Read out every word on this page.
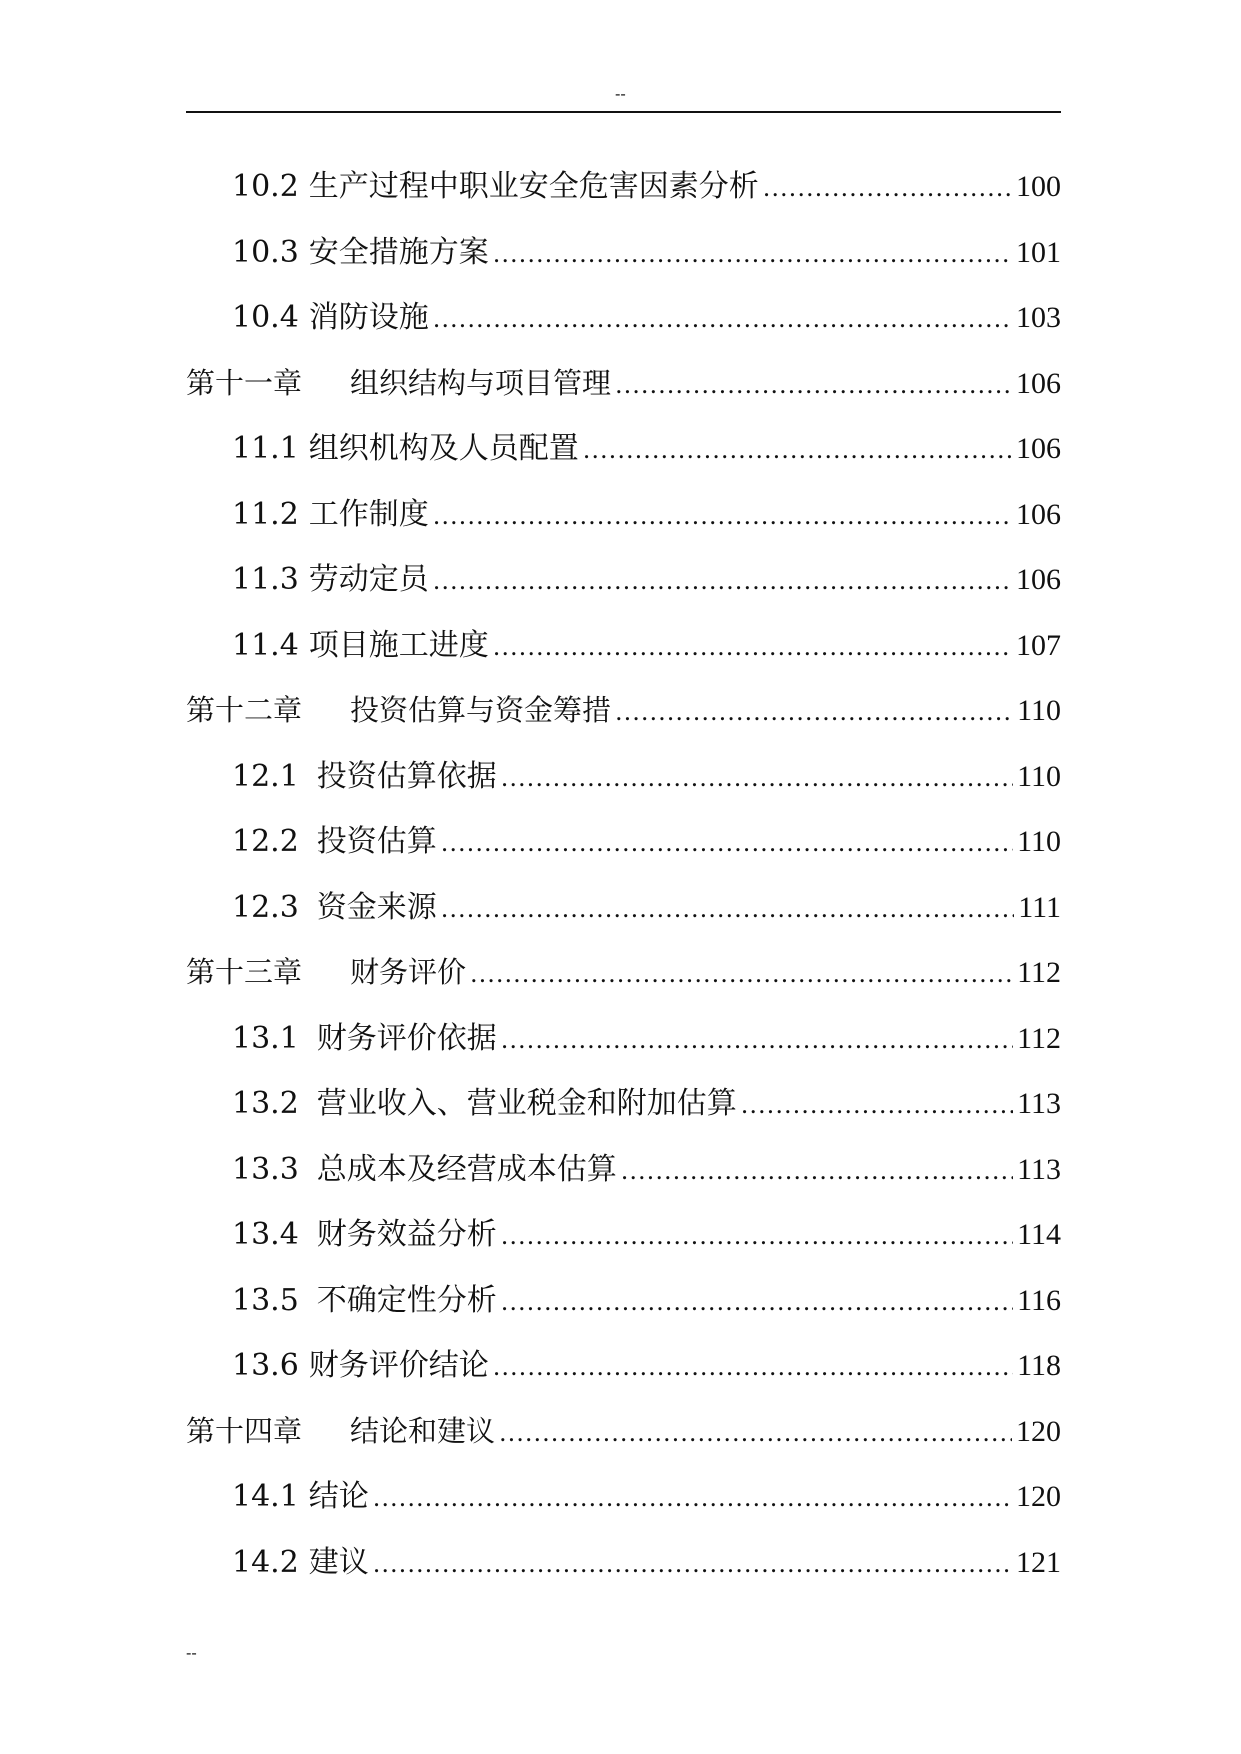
--
10.2 生产过程中职业安全危害因素分析 .....	100
10.3 安全措施方案 .....	101
10.4 消防设施 .....	103
第十一章 组织结构与项目管理 .....	106
11.1 组织机构及人员配置 .....	106
11.2 工作制度 .....	106
11.3 劳动定员 .....	106
11.4 项目施工进度 .....	107
第十二章 投资估算与资金筹措 .....	110
12.1 投资估算依据 .....	110
12.2 投资估算 .....	110
12.3 资金来源 .....	111
第十三章 财务评价 .....	112
13.1 财务评价依据 .....	112
13.2 营业收入、营业税金和附加估算 .....	113
13.3 总成本及经营成本估算 .....	113
13.4 财务效益分析 .....	114
13.5 不确定性分析 .....	116
13.6 财务评价结论 .....	118
第十四章 结论和建议 .....	120
14.1 结论 .....	120
14.2 建议 .....	121
--
